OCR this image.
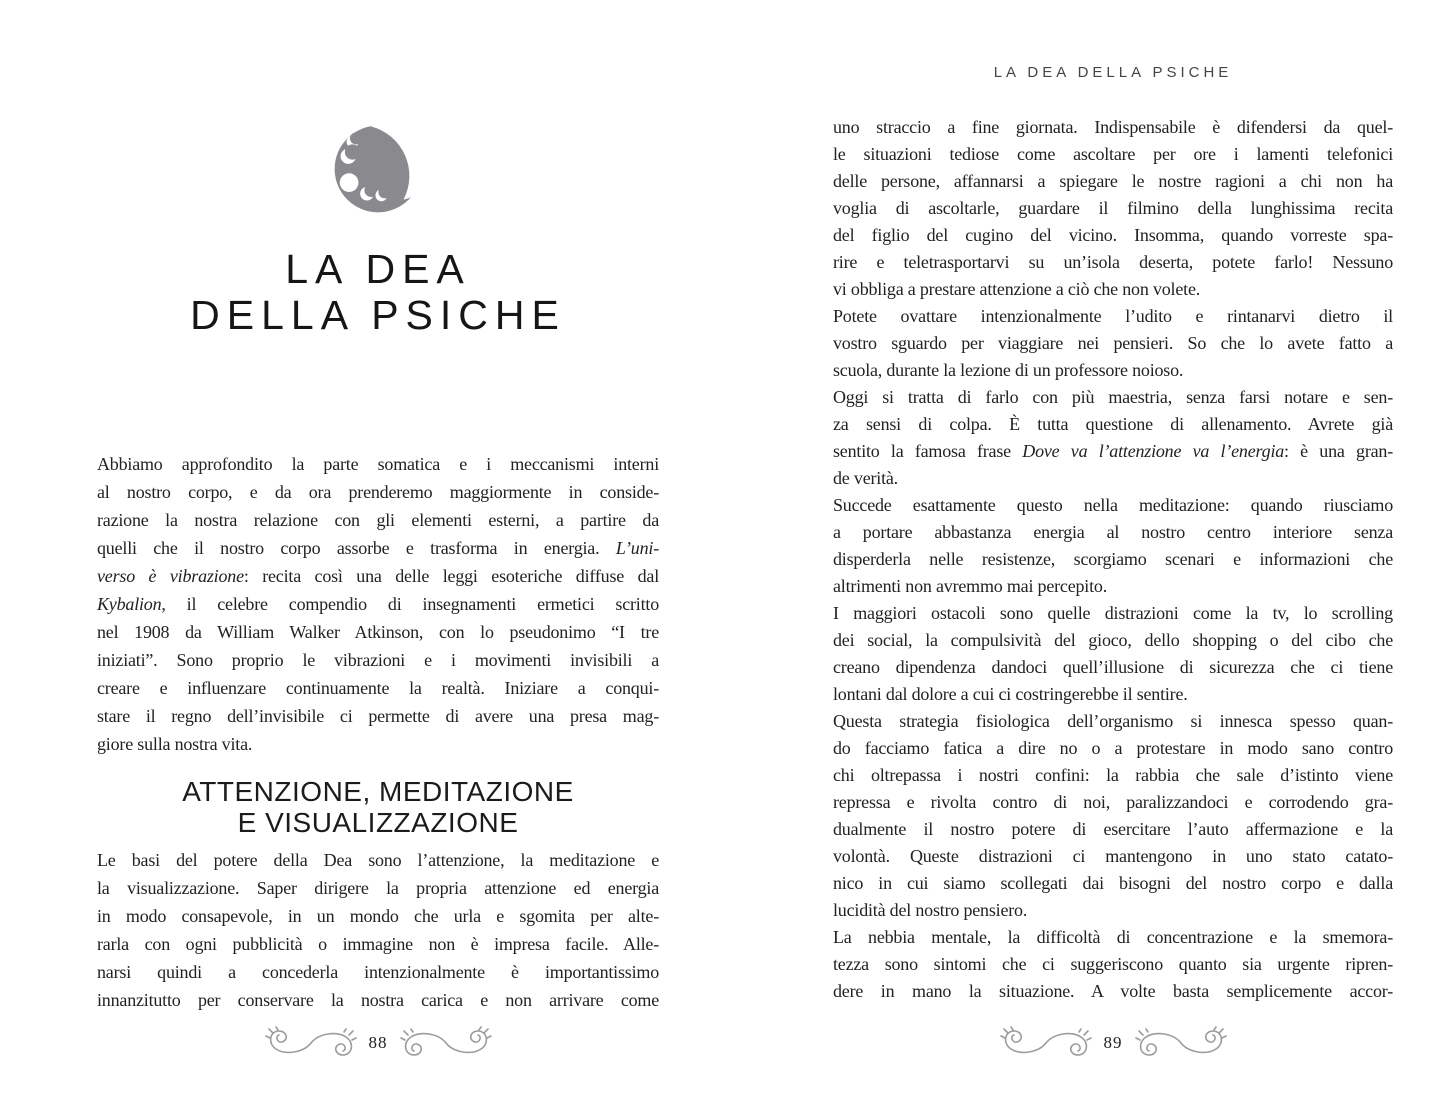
LA DEA
DELLA PSICHE
Abbiamo approfondito la parte somatica e i meccanismi interni
al nostro corpo, e da ora prenderemo maggiormente in conside-
razione la nostra relazione con gli elementi esterni, a partire da
quelli che il nostro corpo assorbe e trasforma in energia. L’uni-
verso è vibrazione: recita così una delle leggi esoteriche diffuse dal
Kybalion, il celebre compendio di insegnamenti ermetici scritto
nel 1908 da William Walker Atkinson, con lo pseudonimo “I tre
iniziati”. Sono proprio le vibrazioni e i movimenti invisibili a
creare e influenzare continuamente la realtà. Iniziare a conqui-
stare il regno dell’invisibile ci permette di avere una presa mag-
giore sulla nostra vita.
ATTENZIONE, MEDITAZIONE
E VISUALIZZAZIONE
Le basi del potere della Dea sono l’attenzione, la meditazione e
la visualizzazione. Saper dirigere la propria attenzione ed energia
in modo consapevole, in un mondo che urla e sgomita per alte-
rarla con ogni pubblicità o immagine non è impresa facile. Alle-
narsi quindi a concederla intenzionalmente è importantissimo
innanzitutto per conservare la nostra carica e non arrivare come
88
LA DEA DELLA PSICHE
uno straccio a fine giornata. Indispensabile è difendersi da quel-
le situazioni tediose come ascoltare per ore i lamenti telefonici
delle persone, affannarsi a spiegare le nostre ragioni a chi non ha
voglia di ascoltarle, guardare il filmino della lunghissima recita
del figlio del cugino del vicino. Insomma, quando vorreste spa-
rire e teletrasportarvi su un’isola deserta, potete farlo! Nessuno
vi obbliga a prestare attenzione a ciò che non volete.
Potete ovattare intenzionalmente l’udito e rintanarvi dietro il
vostro sguardo per viaggiare nei pensieri. So che lo avete fatto a
scuola, durante la lezione di un professore noioso.
Oggi si tratta di farlo con più maestria, senza farsi notare e sen-
za sensi di colpa. È tutta questione di allenamento. Avrete già
sentito la famosa frase Dove va l’attenzione va l’energia: è una gran-
de verità.
Succede esattamente questo nella meditazione: quando riusciamo
a portare abbastanza energia al nostro centro interiore senza
disperderla nelle resistenze, scorgiamo scenari e informazioni che
altrimenti non avremmo mai percepito.
I maggiori ostacoli sono quelle distrazioni come la tv, lo scrolling
dei social, la compulsività del gioco, dello shopping o del cibo che
creano dipendenza dandoci quell’illusione di sicurezza che ci tiene
lontani dal dolore a cui ci costringerebbe il sentire.
Questa strategia fisiologica dell’organismo si innesca spesso quan-
do facciamo fatica a dire no o a protestare in modo sano contro
chi oltrepassa i nostri confini: la rabbia che sale d’istinto viene
repressa e rivolta contro di noi, paralizzandoci e corrodendo gra-
dualmente il nostro potere di esercitare l’auto affermazione e la
volontà. Queste distrazioni ci mantengono in uno stato catato-
nico in cui siamo scollegati dai bisogni del nostro corpo e dalla
lucidità del nostro pensiero.
La nebbia mentale, la difficoltà di concentrazione e la smemora-
tezza sono sintomi che ci suggeriscono quanto sia urgente ripren-
dere in mano la situazione. A volte basta semplicemente accor-
89
